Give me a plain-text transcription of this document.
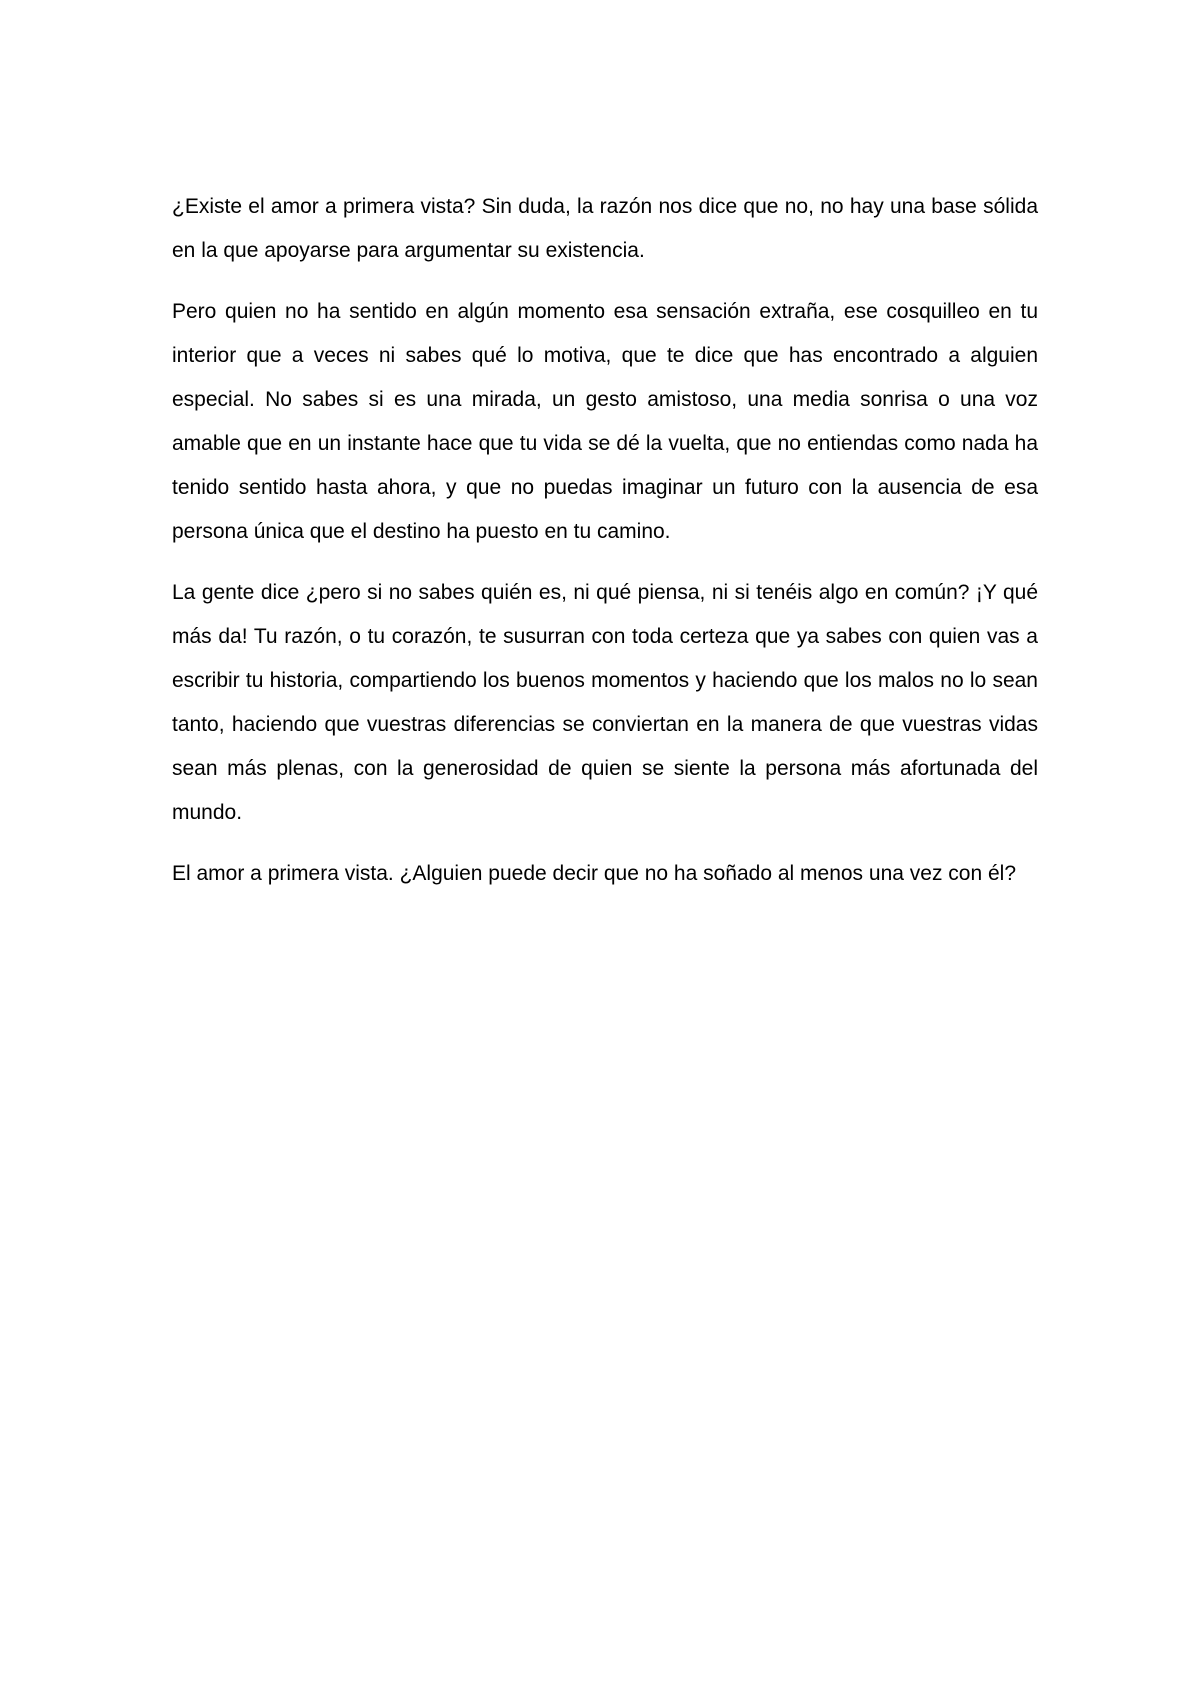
¿Existe el amor a primera vista? Sin duda, la razón nos dice que no, no hay una base sólida en la que apoyarse para argumentar su existencia.

Pero quien no ha sentido en algún momento esa sensación extraña, ese cosquilleo en tu interior que a veces ni sabes qué lo motiva, que te dice que has encontrado a alguien especial. No sabes si es una mirada, un gesto amistoso, una media sonrisa o una voz amable que en un instante hace que tu vida se dé la vuelta, que no entiendas como nada ha tenido sentido hasta ahora, y que no puedas imaginar un futuro con la ausencia de esa persona única que el destino ha puesto en tu camino.

La gente dice ¿pero si no sabes quién es, ni qué piensa, ni si tenéis algo en común? ¡Y qué más da! Tu razón, o tu corazón, te susurran con toda certeza que ya sabes con quien vas a escribir tu historia, compartiendo los buenos momentos y haciendo que los malos no lo sean tanto, haciendo que vuestras diferencias se conviertan en la manera de que vuestras vidas sean más plenas, con la generosidad de quien se siente la persona más afortunada del mundo.

El amor a primera vista. ¿Alguien puede decir que no ha soñado al menos una vez con él?
